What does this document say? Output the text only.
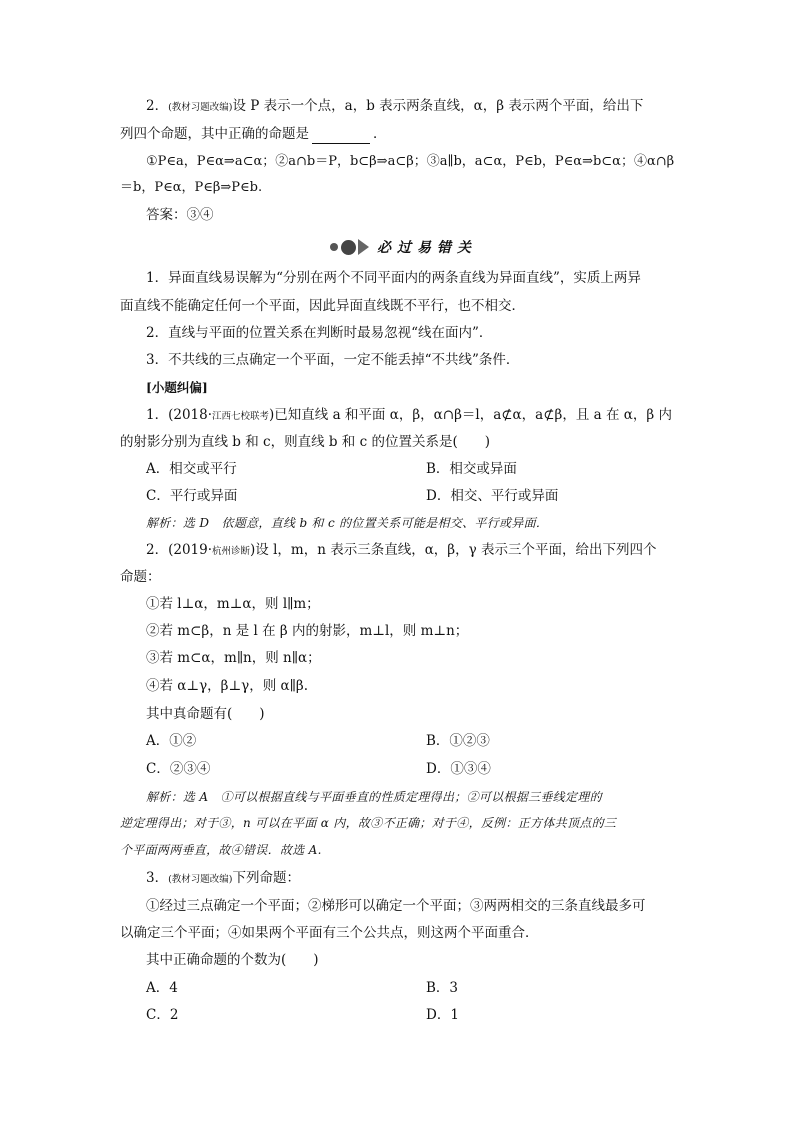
2．(教材习题改编)设 P 表示一个点，a，b 表示两条直线，α，β 表示两个平面，给出下
列四个命题，其中正确的命题是	．
①P∈a，P∈α⇒a⊂α；②a∩b＝P，b⊂β⇒a⊂β；③a∥b，a⊂α，P∈b，P∈α⇒b⊂α；④α∩β
＝b，P∈α，P∈β⇒P∈b.
答案：③④
必过易错关
1．异面直线易误解为“分别在两个不同平面内的两条直线为异面直线”，实质上两异
面直线不能确定任何一个平面，因此异面直线既不平行，也不相交．
2．直线与平面的位置关系在判断时最易忽视“线在面内”．
3．不共线的三点确定一个平面，一定不能丢掉“不共线”条件．
[小题纠偏]
1．(2018·江西七校联考)已知直线 a 和平面 α，β，α∩β＝l，a⊄α，a⊄β，且 a 在 α，β 内
的射影分别为直线 b 和 c，则直线 b 和 c 的位置关系是(　　)
A．相交或平行	B．相交或异面
C．平行或异面	D．相交、平行或异面
解析：选 D　依题意，直线 b 和 c 的位置关系可能是相交、平行或异面．
2．(2019·杭州诊断)设 l，m，n 表示三条直线，α，β，γ 表示三个平面，给出下列四个
命题：
①若 l⊥α，m⊥α，则 l∥m；
②若 m⊂β，n 是 l 在 β 内的射影，m⊥l，则 m⊥n；
③若 m⊂α，m∥n，则 n∥α；
④若 α⊥γ，β⊥γ，则 α∥β.
其中真命题有(　　)
A．①②	B．①②③
C．②③④	D．①③④
解析：选 A　①可以根据直线与平面垂直的性质定理得出；②可以根据三垂线定理的
逆定理得出；对于③，n 可以在平面 α 内，故③不正确；对于④，反例：正方体共顶点的三
个平面两两垂直，故④错误．故选 A.
3．(教材习题改编)下列命题：
①经过三点确定一个平面；②梯形可以确定一个平面；③两两相交的三条直线最多可
以确定三个平面；④如果两个平面有三个公共点，则这两个平面重合．
其中正确命题的个数为(　　)
A．4	B．3
C．2	D．1
